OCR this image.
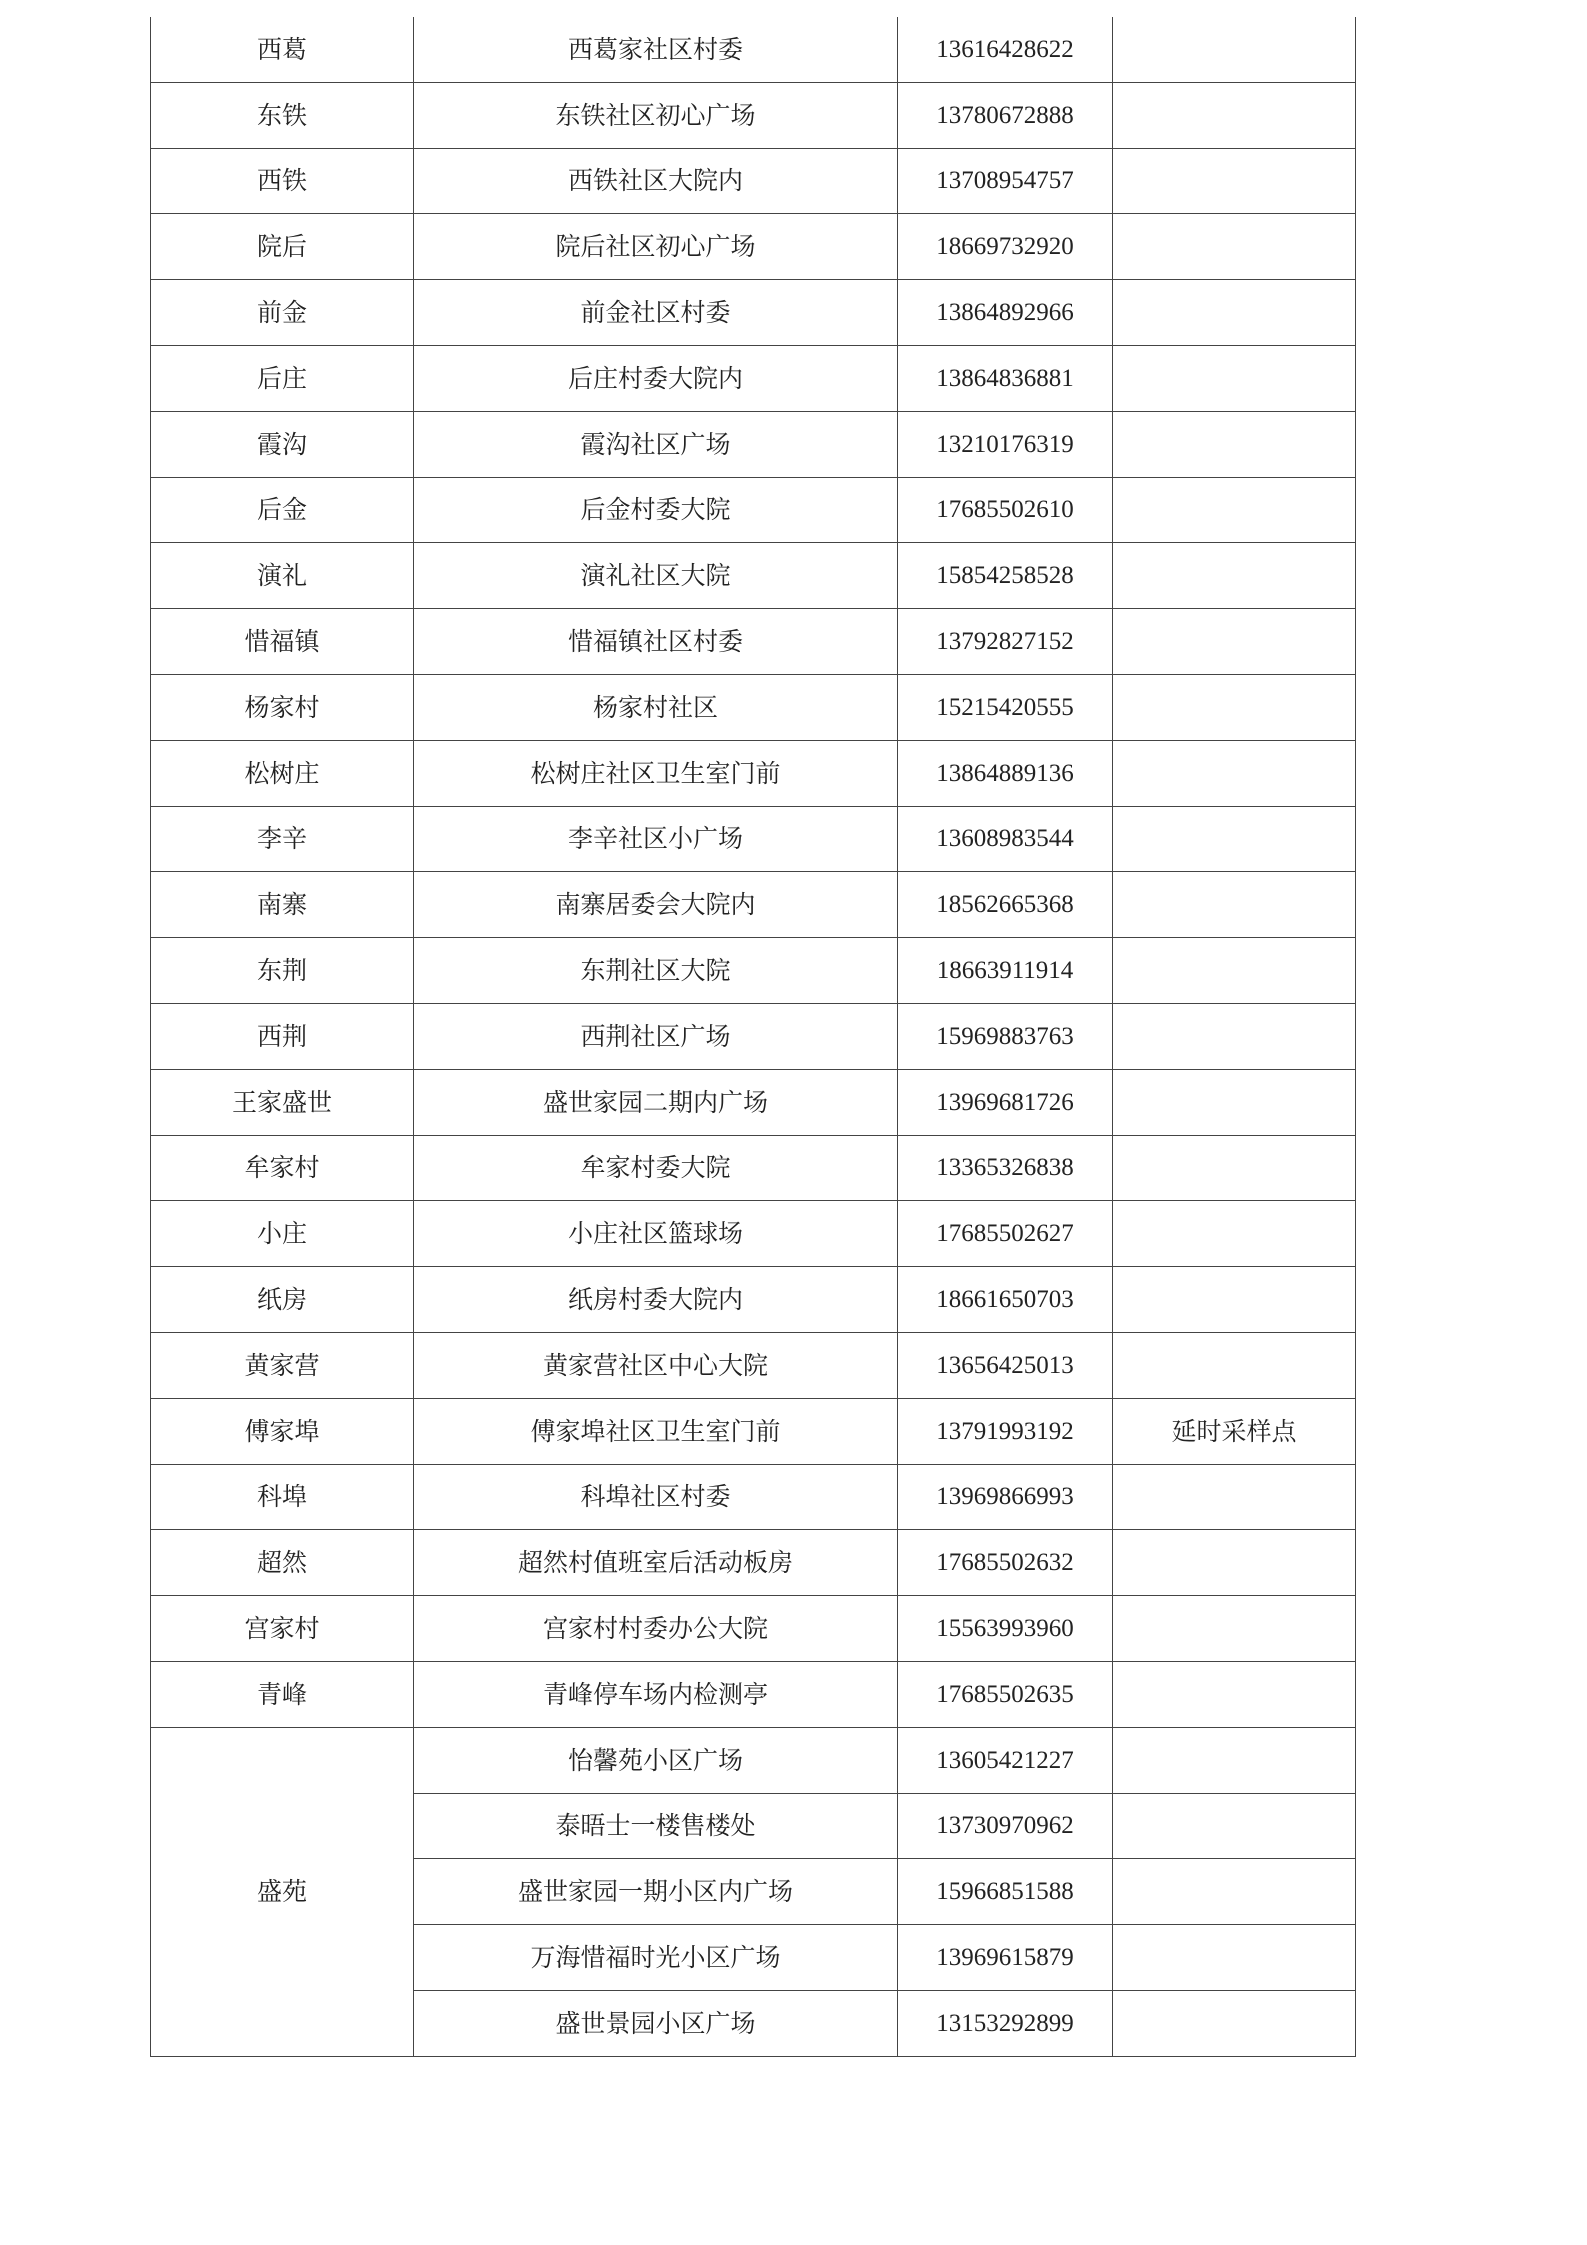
西葛	西葛家社区村委	13616428622	
东铁	东铁社区初心广场	13780672888	
西铁	西铁社区大院内	13708954757	
院后	院后社区初心广场	18669732920	
前金	前金社区村委	13864892966	
后庄	后庄村委大院内	13864836881	
霞沟	霞沟社区广场	13210176319	
后金	后金村委大院	17685502610	
演礼	演礼社区大院	15854258528	
惜福镇	惜福镇社区村委	13792827152	
杨家村	杨家村社区	15215420555	
松树庄	松树庄社区卫生室门前	13864889136	
李辛	李辛社区小广场	13608983544	
南寨	南寨居委会大院内	18562665368	
东荆	东荆社区大院	18663911914	
西荆	西荆社区广场	15969883763	
王家盛世	盛世家园二期内广场	13969681726	
牟家村	牟家村委大院	13365326838	
小庄	小庄社区篮球场	17685502627	
纸房	纸房村委大院内	18661650703	
黄家营	黄家营社区中心大院	13656425013	
傅家埠	傅家埠社区卫生室门前	13791993192	延时采样点
科埠	科埠社区村委	13969866993	
超然	超然村值班室后活动板房	17685502632	
宫家村	宫家村村委办公大院	15563993960	
青峰	青峰停车场内检测亭	17685502635	
盛苑	怡馨苑小区广场	13605421227	
	泰晤士一楼售楼处	13730970962	
	盛世家园一期小区内广场	15966851588	
	万海惜福时光小区广场	13969615879	
	盛世景园小区广场	13153292899	
